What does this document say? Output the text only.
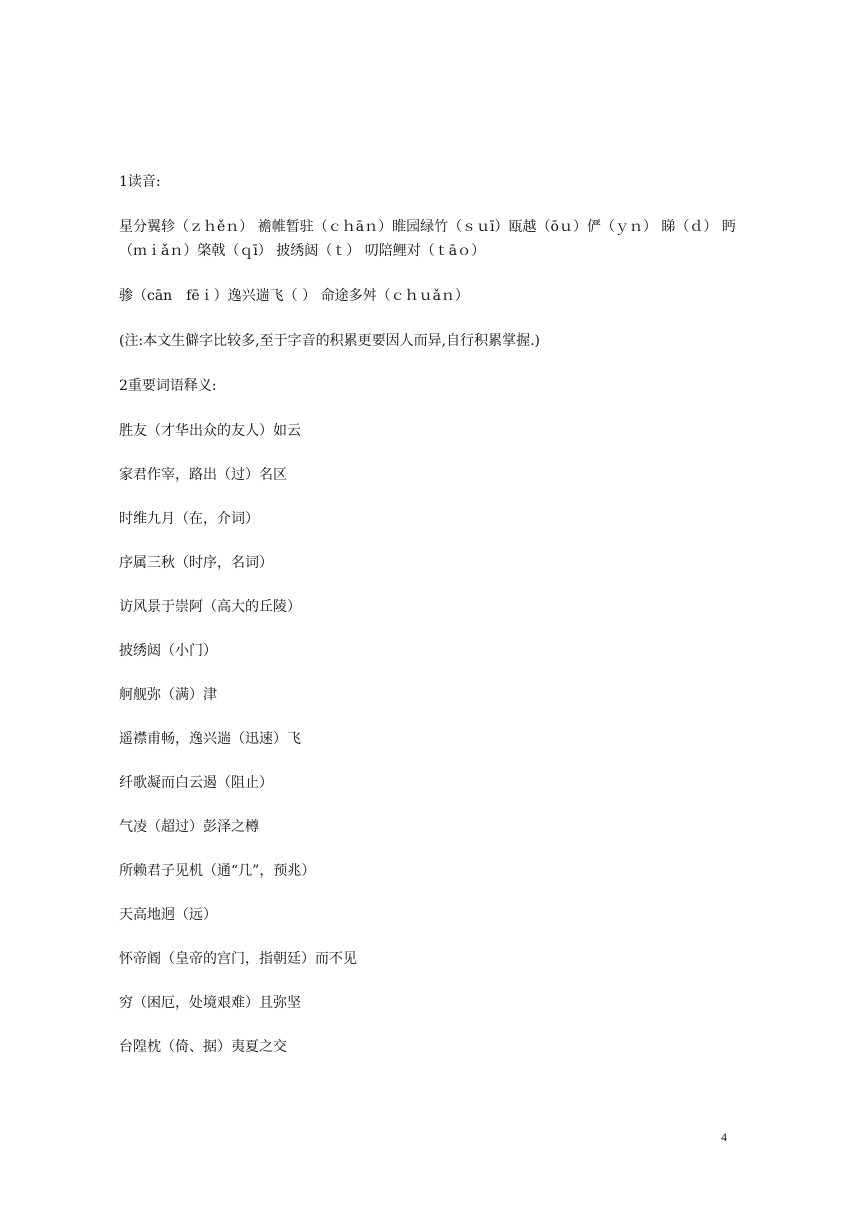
1读音:
星分翼轸（ｚｈěｎ） 襜帷暂驻（ｃｈāｎ）睢园绿竹（ｓｕī）瓯越（ōｕ）俨（ｙｎ） 睇（ｄ） 眄（ｍｉǎｎ）棨戟（ｑī） 披绣闼（ｔ） 叨陪鲤对（ｔāｏ）
骖（cān　fēｉ）逸兴遄飞（ ） 命途多舛（ｃｈｕǎｎ）
(注:本文生僻字比较多,至于字音的积累更要因人而异,自行积累掌握.)
2重要词语释义:
胜友（才华出众的友人）如云
家君作宰，路出（过）名区
时维九月（在，介词）
序属三秋（时序，名词）
访风景于崇阿（高大的丘陵）
披绣闼（小门）
舸舰弥（满）津
遥襟甫畅，逸兴遄（迅速）飞
纤歌凝而白云遏（阻止）
气凌（超过）彭泽之樽
所赖君子见机（通“几”，预兆）
天高地迥（远）
怀帝阍（皇帝的宫门，指朝廷）而不见
穷（困厄，处境艰难）且弥坚
台隍枕（倚、据）夷夏之交
4
